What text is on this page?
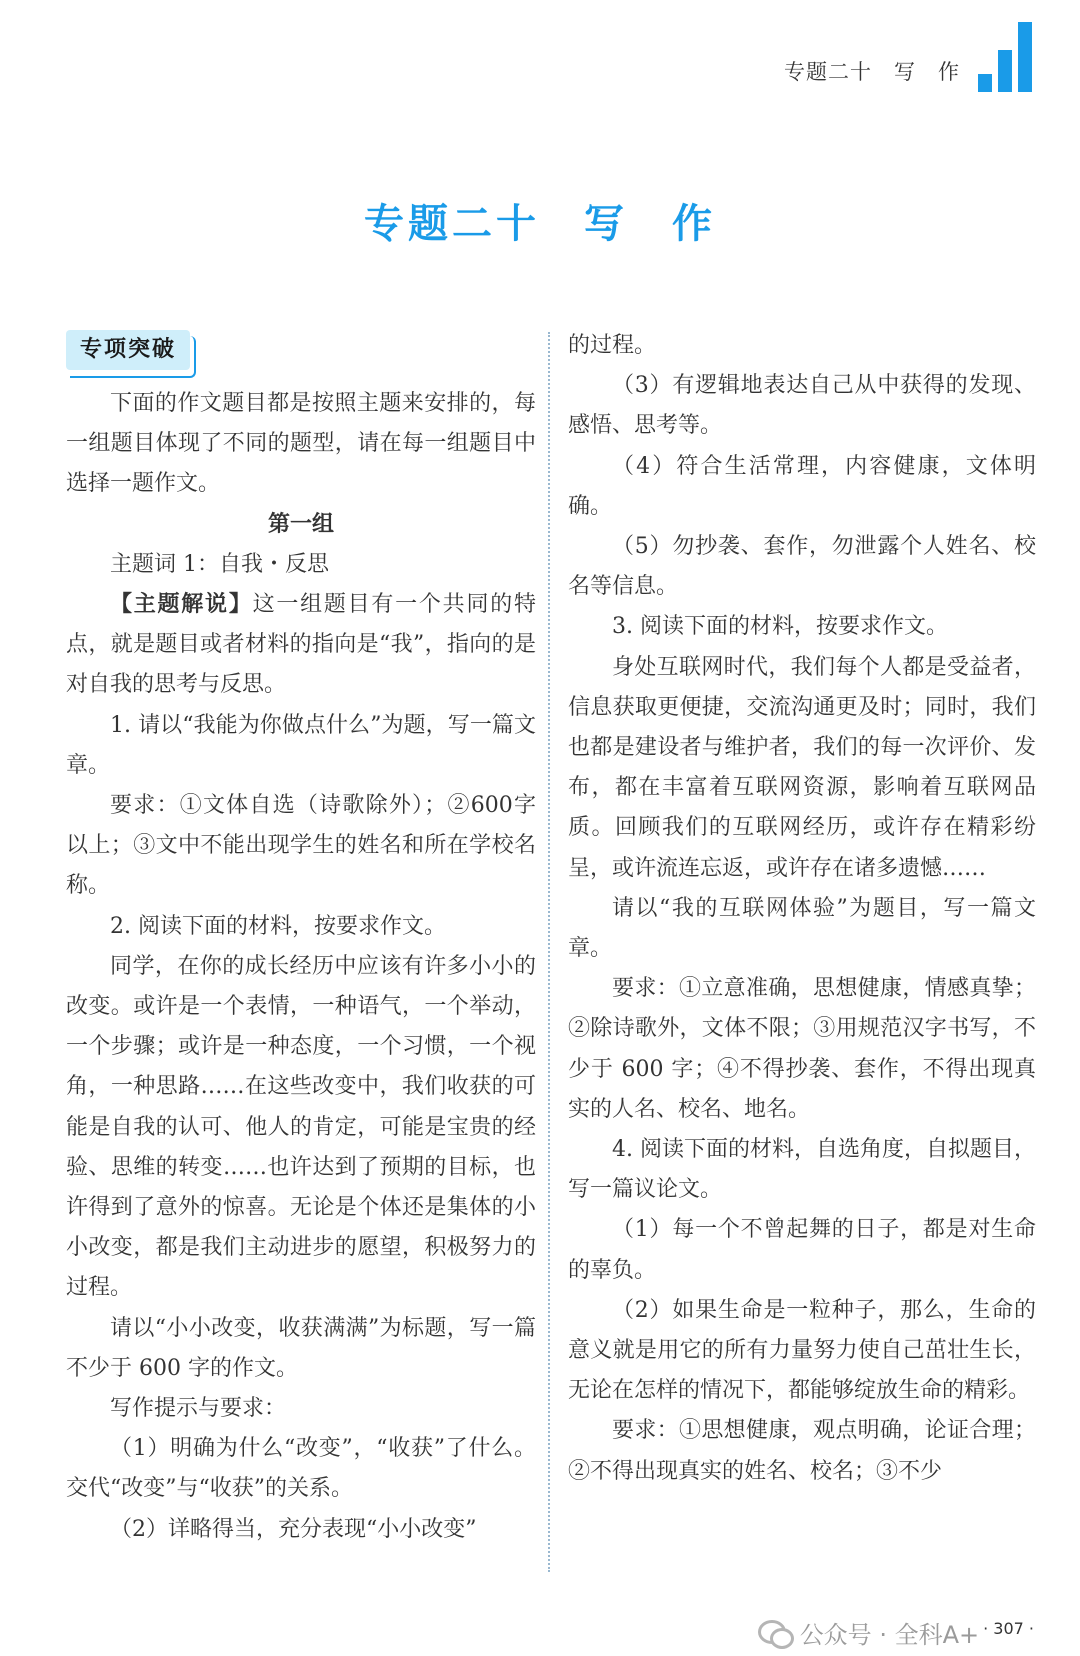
专题二十　写　作
专题二十　写　作
专项突破

下面的作文题目都是按照主题来安排的，每一组题目体现了不同的题型，请在每一组题目中选择一题作文。

第一组

主题词 1：自我・反思

【主题解说】这一组题目有一个共同的特点，就是题目或者材料的指向是“我”，指向的是对自我的思考与反思。

1. 请以“我能为你做点什么”为题，写一篇文章。

要求：①文体自选（诗歌除外）；②600字以上；③文中不能出现学生的姓名和所在学校名称。

2. 阅读下面的材料，按要求作文。

同学，在你的成长经历中应该有许多小小的改变。或许是一个表情，一种语气，一个举动，一个步骤；或许是一种态度，一个习惯，一个视角，一种思路……在这些改变中，我们收获的可能是自我的认可、他人的肯定，可能是宝贵的经验、思维的转变……也许达到了预期的目标，也许得到了意外的惊喜。无论是个体还是集体的小小改变，都是我们主动进步的愿望，积极努力的过程。

请以“小小改变，收获满满”为标题，写一篇不少于 600 字的作文。

写作提示与要求：

（1）明确为什么“改变”，“收获”了什么。交代“改变”与“收获”的关系。

（2）详略得当，充分表现“小小改变”

的过程。

（3）有逻辑地表达自己从中获得的发现、感悟、思考等。

（4）符合生活常理，内容健康，文体明确。

（5）勿抄袭、套作，勿泄露个人姓名、校名等信息。

3. 阅读下面的材料，按要求作文。

身处互联网时代，我们每个人都是受益者，信息获取更便捷，交流沟通更及时；同时，我们也都是建设者与维护者，我们的每一次评价、发布，都在丰富着互联网资源，影响着互联网品质。回顾我们的互联网经历，或许存在精彩纷呈，或许流连忘返，或许存在诸多遗憾……

请以“我的互联网体验”为题目，写一篇文章。

要求：①立意准确，思想健康，情感真挚；②除诗歌外，文体不限；③用规范汉字书写，不少于 600 字；④不得抄袭、套作，不得出现真实的人名、校名、地名。

4. 阅读下面的材料，自选角度，自拟题目，写一篇议论文。

（1）每一个不曾起舞的日子，都是对生命的辜负。

（2）如果生命是一粒种子，那么，生命的意义就是用它的所有力量努力使自己茁壮生长，无论在怎样的情况下，都能够绽放生命的精彩。

要求：①思想健康，观点明确，论证合理；②不得出现真实的姓名、校名；③不少

公众号 · 全科A+ · 307 ·
